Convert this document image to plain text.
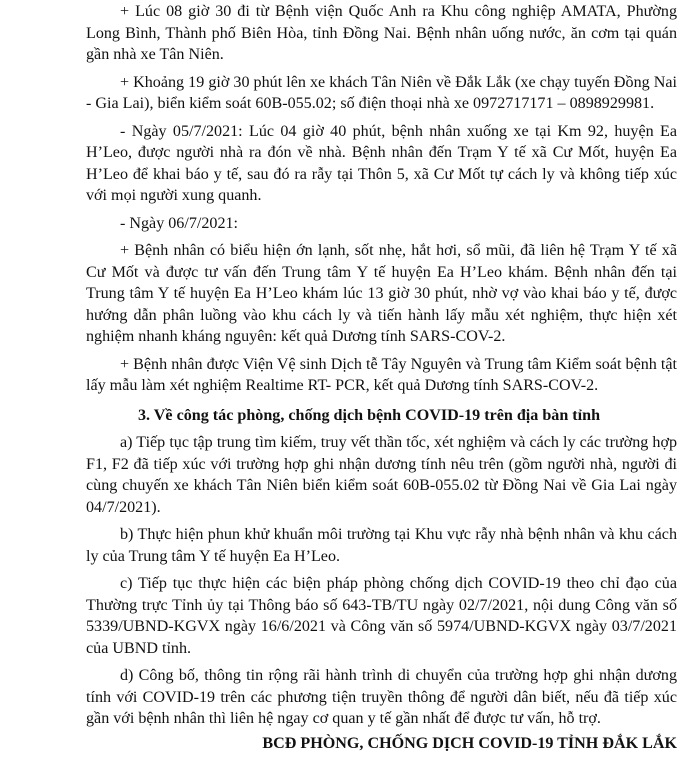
+ Lúc 08 giờ 30 đi từ Bệnh viện Quốc Anh ra Khu công nghiệp AMATA, Phường Long Bình, Thành phố Biên Hòa, tỉnh Đồng Nai. Bệnh nhân uống nước, ăn cơm tại quán gần nhà xe Tân Niên.

+ Khoảng 19 giờ 30 phút lên xe khách Tân Niên về Đắk Lắk (xe chạy tuyến Đồng Nai - Gia Lai), biển kiểm soát 60B-055.02; số điện thoại nhà xe 0972717171 – 0898929981.

- Ngày 05/7/2021: Lúc 04 giờ 40 phút, bệnh nhân xuống xe tại Km 92, huyện Ea H’Leo, được người nhà ra đón về nhà. Bệnh nhân đến Trạm Y tế xã Cư Mốt, huyện Ea H’Leo để khai báo y tế, sau đó ra rẫy tại Thôn 5, xã Cư Mốt tự cách ly và không tiếp xúc với mọi người xung quanh.

- Ngày 06/7/2021:

+ Bệnh nhân có biểu hiện ớn lạnh, sốt nhẹ, hắt hơi, sổ mũi, đã liên hệ Trạm Y tế xã Cư Mốt và được tư vấn đến Trung tâm Y tế huyện Ea H’Leo khám. Bệnh nhân đến tại Trung tâm Y tế huyện Ea H’Leo khám lúc 13 giờ 30 phút, nhờ vợ vào khai báo y tế, được hướng dẫn phân luồng vào khu cách ly và tiến hành lấy mẫu xét nghiệm, thực hiện xét nghiệm nhanh kháng nguyên: kết quả Dương tính SARS-COV-2.

+ Bệnh nhân được Viện Vệ sinh Dịch tễ Tây Nguyên và Trung tâm Kiểm soát bệnh tật lấy mẫu làm xét nghiệm Realtime RT- PCR, kết quả Dương tính SARS-COV-2.

3. Về công tác phòng, chống dịch bệnh COVID-19 trên địa bàn tỉnh

a) Tiếp tục tập trung tìm kiếm, truy vết thần tốc, xét nghiệm và cách ly các trường hợp F1, F2 đã tiếp xúc với trường hợp ghi nhận dương tính nêu trên (gồm người nhà, người đi cùng chuyến xe khách Tân Niên biển kiểm soát 60B-055.02 từ Đồng Nai về Gia Lai ngày 04/7/2021).

b) Thực hiện phun khử khuẩn môi trường tại Khu vực rẫy nhà bệnh nhân và khu cách ly của Trung tâm Y tế huyện Ea H’Leo.

c) Tiếp tục thực hiện các biện pháp phòng chống dịch COVID-19 theo chỉ đạo của Thường trực Tỉnh ủy tại Thông báo số 643-TB/TU ngày 02/7/2021, nội dung Công văn số 5339/UBND-KGVX ngày 16/6/2021 và Công văn số 5974/UBND-KGVX ngày 03/7/2021 của UBND tỉnh.

d) Công bố, thông tin rộng rãi hành trình di chuyển của trường hợp ghi nhận dương tính với COVID-19 trên các phương tiện truyền thông để người dân biết, nếu đã tiếp xúc gần với bệnh nhân thì liên hệ ngay cơ quan y tế gần nhất để được tư vấn, hỗ trợ.

BCĐ PHÒNG, CHỐNG DỊCH COVID-19 TỈNH ĐẮK LẮK
